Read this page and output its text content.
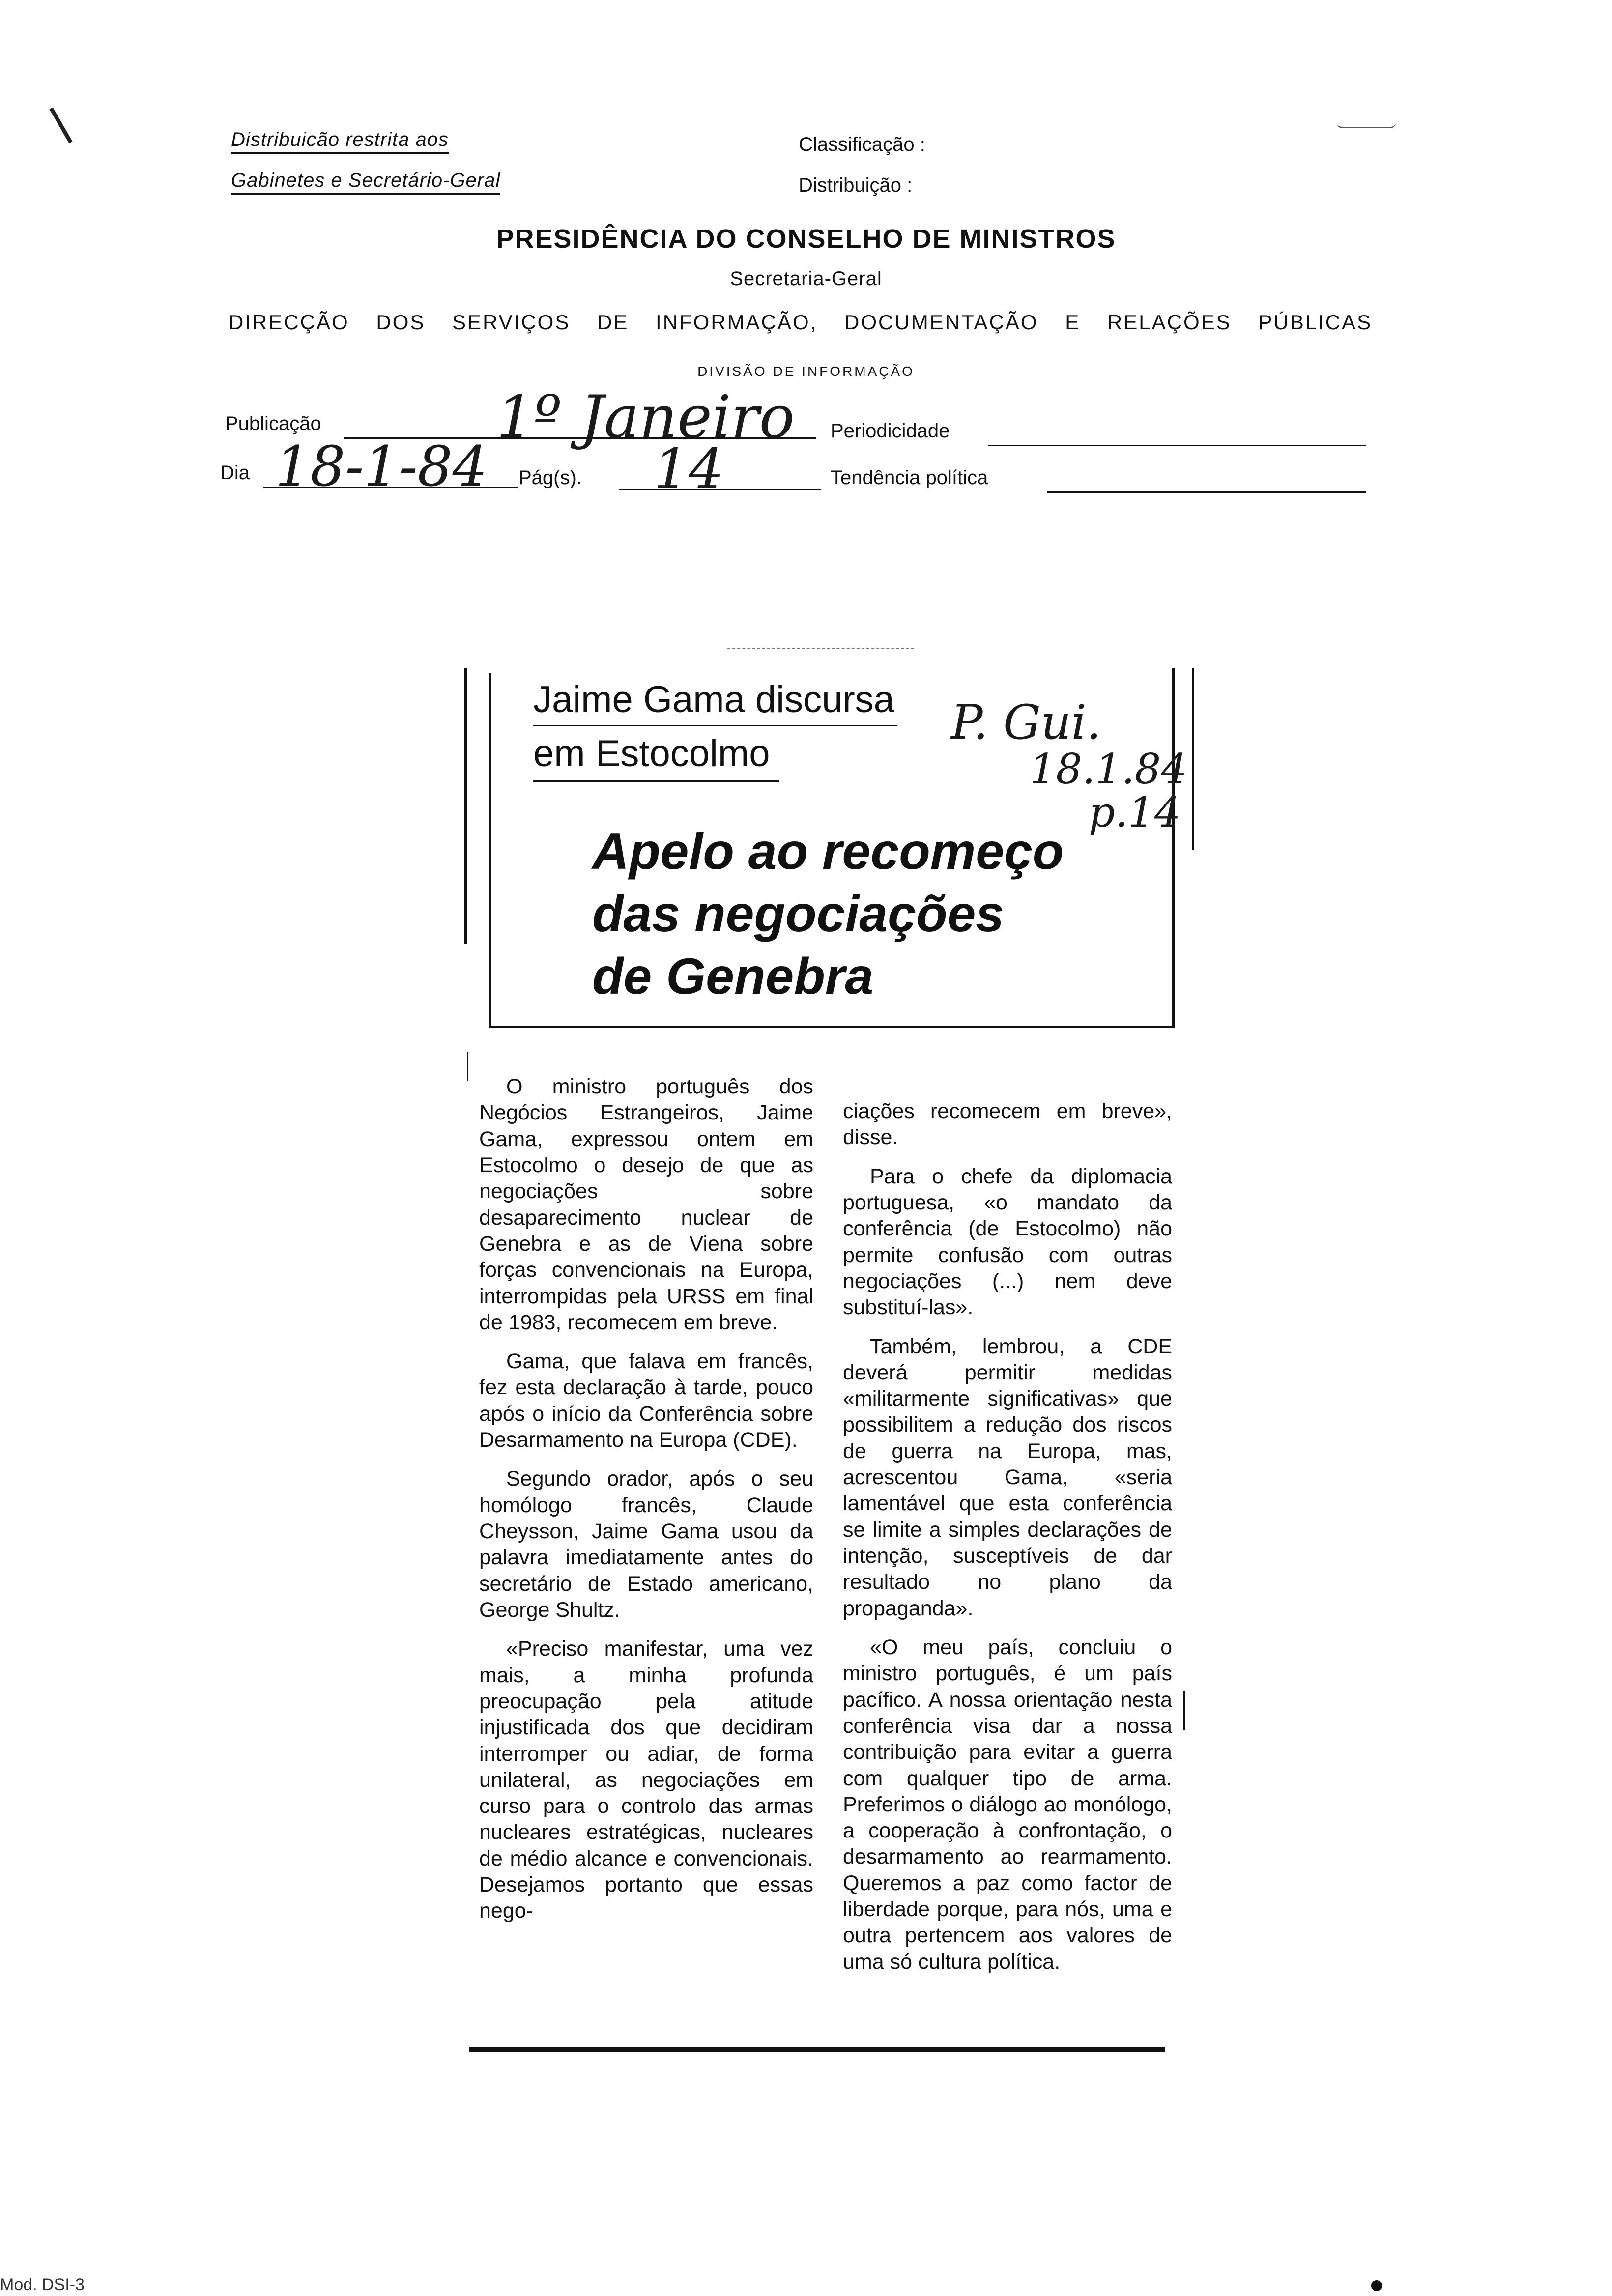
Distribuicão restrita aos
Gabinetes e Secretário-Geral
Classificação :
Distribuição :
PRESIDÊNCIA DO CONSELHO DE MINISTROS
Secretaria-Geral
DIRECÇÃO DOS SERVIÇOS DE INFORMAÇÃO, DOCUMENTAÇÃO E RELAÇÕES PÚBLICAS
DIVISÃO DE INFORMAÇÃO
Publicação	1º Janeiro Periodicidade
Dia 18-1-84 Pág(s). 14	Tendência política
Jaime Gama discursa
em Estocolmo
Apelo ao recomeço
das negociações
de Genebra
P. Gui.
18.1.84
p.14

O ministro português dos Negócios Estrangeiros, Jaime Gama, expressou ontem em Estocolmo o desejo de que as negociações sobre desaparecimento nuclear de Genebra e as de Viena sobre forças convencionais na Europa, interrompidas pela URSS em final de 1983, recomecem em breve.

Gama, que falava em francês, fez esta declaração à tarde, pouco após o início da Conferência sobre Desarmamento na Europa (CDE).

Segundo orador, após o seu homólogo francês, Claude Cheysson, Jaime Gama usou da palavra imediatamente antes do secretário de Estado americano, George Shultz.

«Preciso manifestar, uma vez mais, a minha profunda preocupação pela atitude injustificada dos que decidiram interromper ou adiar, de forma unilateral, as negociações em curso para o controlo das armas nucleares estratégicas, nucleares de médio alcance e convencionais. Desejamos portanto que essas nego-

ciações recomecem em breve», disse.

Para o chefe da diplomacia portuguesa, «o mandato da conferência (de Estocolmo) não permite confusão com outras negociações (...) nem deve substituí-las».

Também, lembrou, a CDE deverá permitir medidas «militarmente significativas» que possibilitem a redução dos riscos de guerra na Europa, mas, acrescentou Gama, «seria lamentável que esta conferência se limite a simples declarações de intenção, susceptíveis de dar resultado no plano da propaganda».

«O meu país, concluiu o ministro português, é um país pacífico. A nossa orientação nesta conferência visa dar a nossa contribuição para evitar a guerra com qualquer tipo de arma. Preferimos o diálogo ao monólogo, a cooperação à confrontação, o desarmamento ao rearmamento. Queremos a paz como factor de liberdade porque, para nós, uma e outra pertencem aos valores de uma só cultura política.

Mod. DSI-3
